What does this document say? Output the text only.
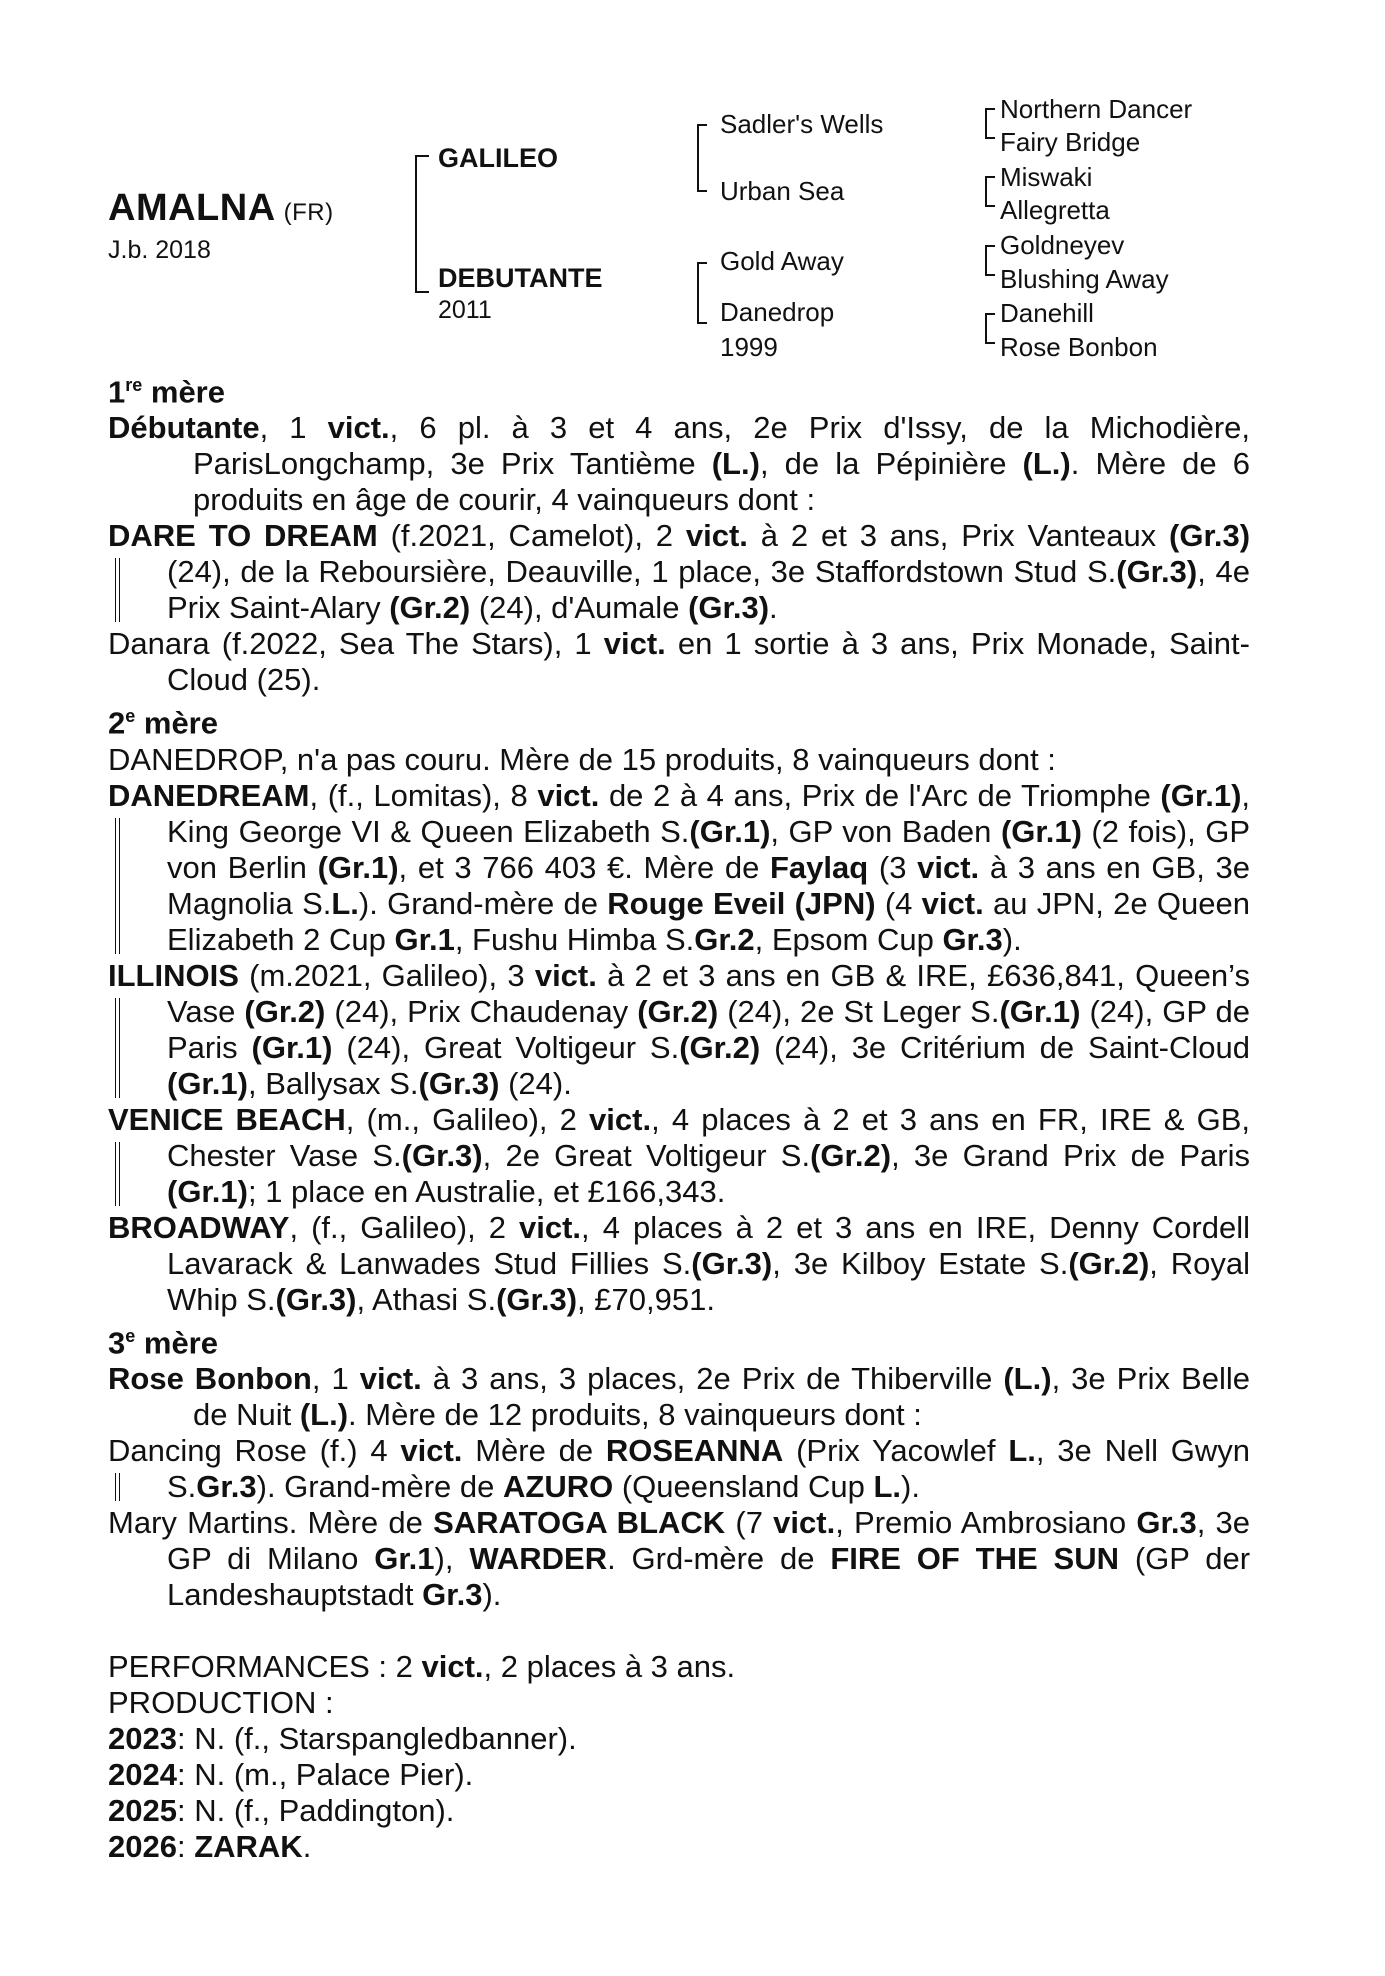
AMALNA (FR)
J.b. 2018
GALILEO
DEBUTANTE
2011
Sadler's Wells
Urban Sea
Gold Away
Danedrop
1999
Northern Dancer
Fairy Bridge
Miswaki
Allegretta
Goldneyev
Blushing Away
Danehill
Rose Bonbon

1re mère

Débutante, 1 vict., 6 pl. à 3 et 4 ans, 2e Prix d'Issy, de la Michodière, ParisLongchamp, 3e Prix Tantième (L.), de la Pépinière (L.). Mère de 6 produits en âge de courir, 4 vainqueurs dont :

DARE TO DREAM (f.2021, Camelot), 2 vict. à 2 et 3 ans, Prix Vanteaux (Gr.3) (24), de la Reboursière, Deauville, 1 place, 3e Staffordstown Stud S.(Gr.3), 4e Prix Saint-Alary (Gr.2) (24), d'Aumale (Gr.3).

Danara (f.2022, Sea The Stars), 1 vict. en 1 sortie à 3 ans, Prix Monade, Saint-Cloud (25).

2e mère

DANEDROP, n'a pas couru. Mère de 15 produits, 8 vainqueurs dont :

DANEDREAM, (f., Lomitas), 8 vict. de 2 à 4 ans, Prix de l'Arc de Triomphe (Gr.1), King George VI & Queen Elizabeth S.(Gr.1), GP von Baden (Gr.1) (2 fois), GP von Berlin (Gr.1), et 3 766 403 €. Mère de Faylaq (3 vict. à 3 ans en GB, 3e Magnolia S.L.). Grand-mère de Rouge Eveil (JPN) (4 vict. au JPN, 2e Queen Elizabeth 2 Cup Gr.1, Fushu Himba S.Gr.2, Epsom Cup Gr.3).

ILLINOIS (m.2021, Galileo), 3 vict. à 2 et 3 ans en GB & IRE, £636,841, Queen’s Vase (Gr.2) (24), Prix Chaudenay (Gr.2) (24), 2e St Leger S.(Gr.1) (24), GP de Paris (Gr.1) (24), Great Voltigeur S.(Gr.2) (24), 3e Critérium de Saint-Cloud (Gr.1), Ballysax S.(Gr.3) (24).

VENICE BEACH, (m., Galileo), 2 vict., 4 places à 2 et 3 ans en FR, IRE & GB, Chester Vase S.(Gr.3), 2e Great Voltigeur S.(Gr.2), 3e Grand Prix de Paris (Gr.1); 1 place en Australie, et £166,343.

BROADWAY, (f., Galileo), 2 vict., 4 places à 2 et 3 ans en IRE, Denny Cordell Lavarack & Lanwades Stud Fillies S.(Gr.3), 3e Kilboy Estate S.(Gr.2), Royal Whip S.(Gr.3), Athasi S.(Gr.3), £70,951.

3e mère

Rose Bonbon, 1 vict. à 3 ans, 3 places, 2e Prix de Thiberville (L.), 3e Prix Belle de Nuit (L.). Mère de 12 produits, 8 vainqueurs dont :

Dancing Rose (f.) 4 vict. Mère de ROSEANNA (Prix Yacowlef L., 3e Nell Gwyn S.Gr.3). Grand-mère de AZURO (Queensland Cup L.).

Mary Martins. Mère de SARATOGA BLACK (7 vict., Premio Ambrosiano Gr.3, 3e GP di Milano Gr.1), WARDER. Grd-mère de FIRE OF THE SUN (GP der Landeshauptstadt Gr.3).

PERFORMANCES : 2 vict., 2 places à 3 ans.

PRODUCTION :

2023: N. (f., Starspangledbanner).

2024: N. (m., Palace Pier).

2025: N. (f., Paddington).

2026: ZARAK.
